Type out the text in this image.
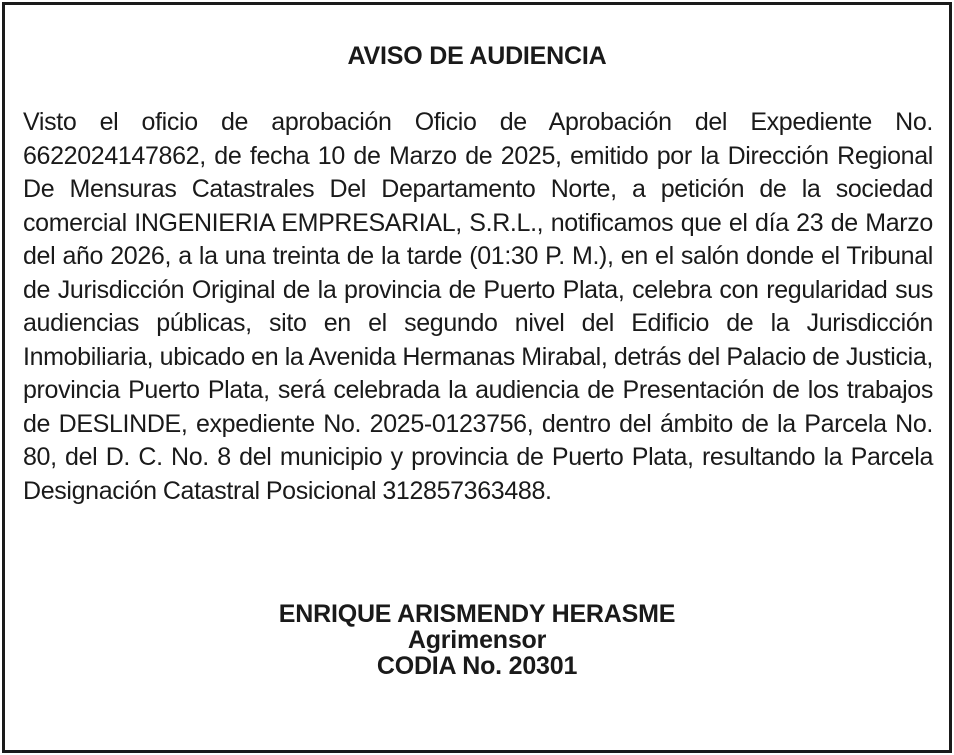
AVISO DE AUDIENCIA

Visto el oficio de aprobación Oficio de Aprobación del Expediente No. 6622024147862, de fecha 10 de Marzo de 2025, emitido por la Dirección Regional De Mensuras Catastrales Del Departamento Norte, a petición de la sociedad comercial INGENIERIA EMPRESARIAL, S.R.L., notificamos que el día 23 de Marzo del año 2026, a la una treinta de la tarde (01:30 P. M.), en el salón donde el Tribunal de Jurisdicción Original de la provincia de Puerto Plata, celebra con regularidad sus audiencias públicas, sito en el segundo nivel del Edificio de la Jurisdicción Inmobiliaria, ubicado en la Avenida Hermanas Mirabal, detrás del Palacio de Justicia, provincia Puerto Plata, será celebrada la audiencia de Presentación de los trabajos de DESLINDE, expediente No. 2025-0123756, dentro del ámbito de la Parcela No. 80, del D. C. No. 8 del municipio y provincia de Puerto Plata, resultando la Parcela Designación Catastral Posicional 312857363488.

ENRIQUE ARISMENDY HERASME
Agrimensor
CODIA No. 20301
